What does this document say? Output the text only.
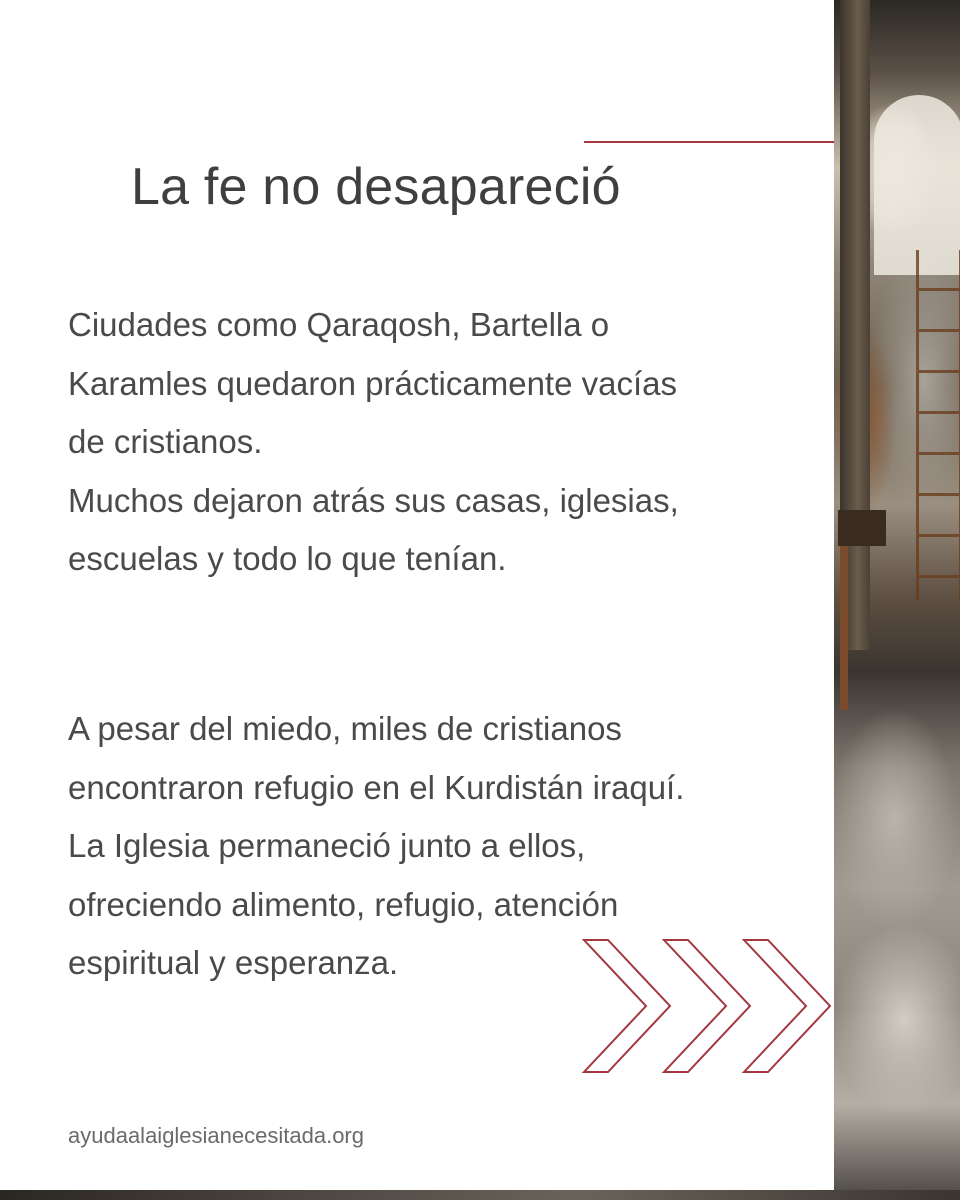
La fe no desapareció
Ciudades como Qaraqosh, Bartella o
Karamles quedaron prácticamente vacías
de cristianos.
Muchos dejaron atrás sus casas, iglesias,
escuelas y todo lo que tenían.
A pesar del miedo, miles de cristianos
encontraron refugio en el Kurdistán iraquí.
La Iglesia permaneció junto a ellos,
ofreciendo alimento, refugio, atención
espiritual y esperanza.

ayudaalaiglesianecesitada.org
